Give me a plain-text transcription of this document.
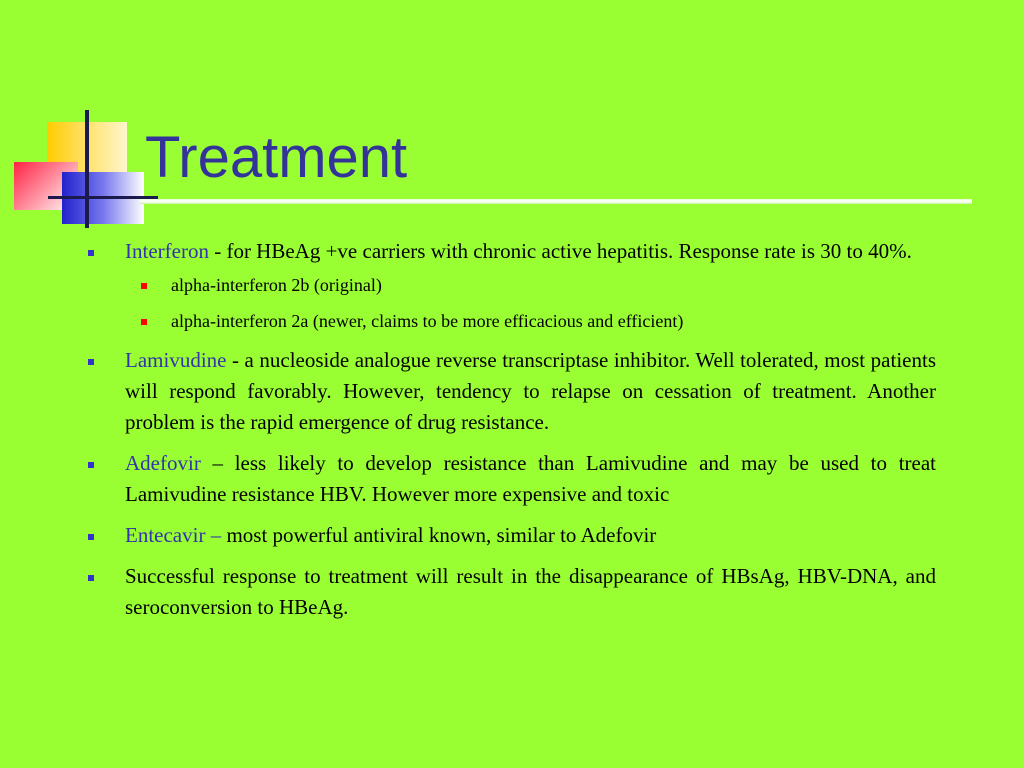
Treatment
Interferon - for HBeAg +ve carriers with chronic active hepatitis. Response rate is 30 to 40%.
alpha-interferon 2b (original)
alpha-interferon 2a (newer, claims to be more efficacious and efficient)
Lamivudine - a nucleoside analogue reverse transcriptase inhibitor. Well tolerated, most patients will respond favorably. However, tendency to relapse on cessation of treatment. Another problem is the rapid emergence of drug resistance.
Adefovir – less likely to develop resistance than Lamivudine and may be used to treat Lamivudine resistance HBV. However more expensive and toxic
Entecavir – most powerful antiviral known, similar to Adefovir
Successful response to treatment will result in the disappearance of HBsAg, HBV-DNA, and seroconversion to HBeAg.
